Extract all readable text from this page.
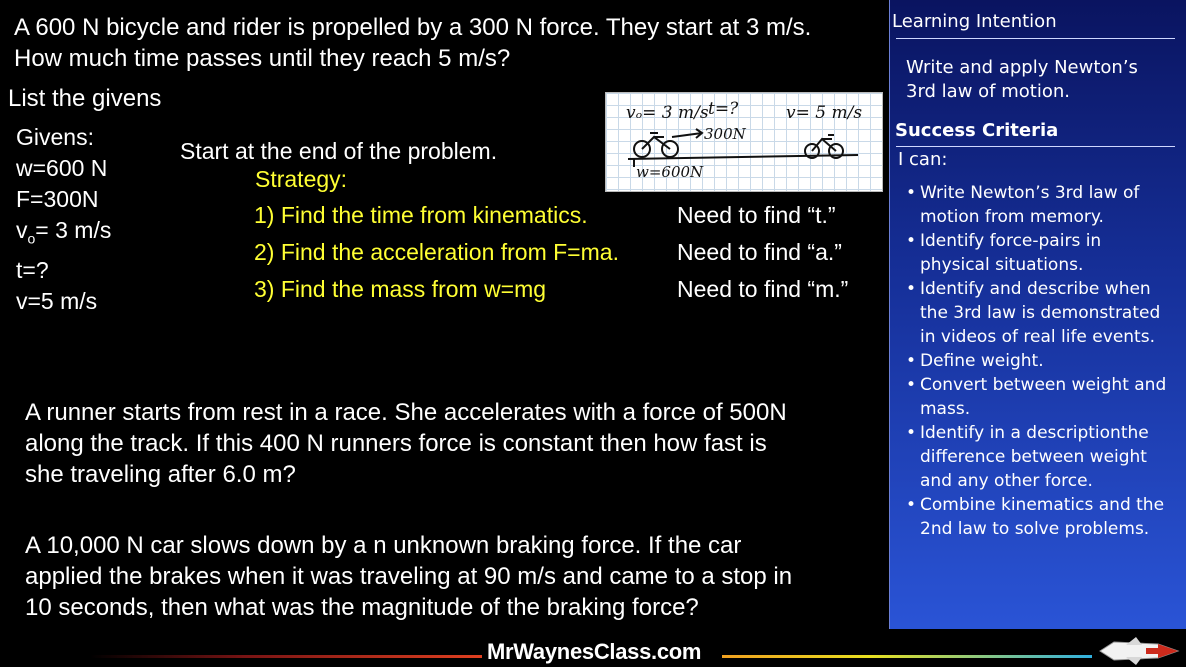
A 600 N bicycle and rider is propelled by a 300 N force. They start at 3 m/s.
How much time passes until they reach 5 m/s?
List the givens
Givens:
w=600 N
F=300N
$v_o= 3$ m/s
t=?
v=5 m/s
Start at the end of the problem.
Strategy:
1) Find the time from kinematics.	Need to find “t.”
2) Find the acceleration from F=ma.	Need to find “a.”
3) Find the mass from w=mg	Need to find “m.”
vₒ= 3 m/s t=?	v= 5 m/s
300N
w=600N
A runner starts from rest in a race. She accelerates with a force of 500N
along the track. If this 400 N runners force is constant then how fast is
she traveling after 6.0 m?
A 10,000 N car slows down by a n unknown braking force. If the car
applied the brakes when it was traveling at 90 m/s and came to a stop in
10 seconds, then what was the magnitude of the braking force?
Learning Intention
Write and apply Newton’s
3rd law of motion.
Success Criteria
I can:
• Write Newton’s 3rd law of
motion from memory.
• Identify force-pairs in
physical situations.
• Identify and describe when
the 3rd law is demonstrated
in videos of real life events.
• Define weight.
• Convert between weight and
mass.
• Identify in a descriptionthe
difference between weight
and any other force.
• Combine kinematics and the
2nd law to solve problems.
MrWaynesClass.com
